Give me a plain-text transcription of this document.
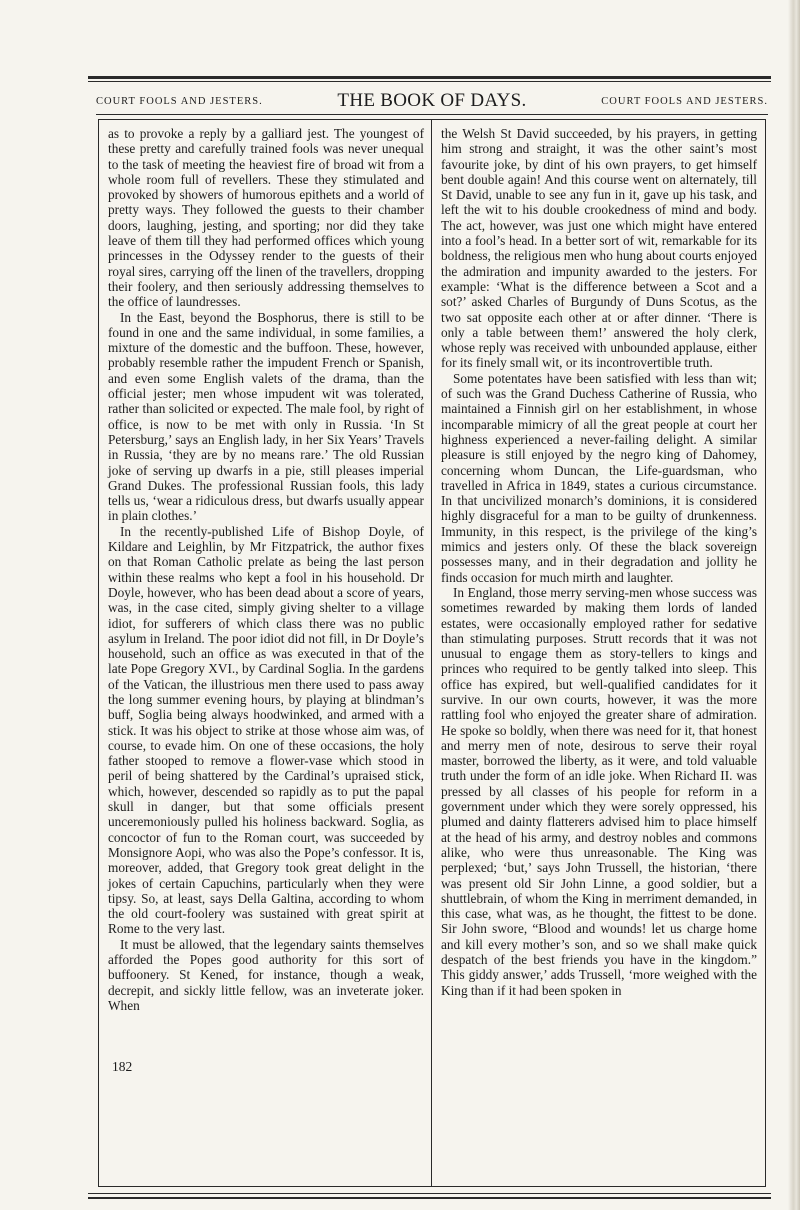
COURT FOOLS AND JESTERS.	THE BOOK OF DAYS.	COURT FOOLS AND JESTERS.

as to provoke a reply by a galliard jest. The youngest of these pretty and carefully trained fools was never unequal to the task of meeting the heaviest fire of broad wit from a whole room full of revellers. These they stimulated and provoked by showers of humorous epithets and a world of pretty ways. They followed the guests to their chamber doors, laughing, jesting, and sporting; nor did they take leave of them till they had performed offices which young princesses in the Odyssey render to the guests of their royal sires, carrying off the linen of the travellers, dropping their foolery, and then seriously addressing themselves to the office of laundresses.

In the East, beyond the Bosphorus, there is still to be found in one and the same individual, in some families, a mixture of the domestic and the buffoon. These, however, probably resemble rather the impudent French or Spanish, and even some English valets of the drama, than the official jester; men whose impudent wit was tolerated, rather than solicited or expected. The male fool, by right of office, is now to be met with only in Russia. ‘In St Petersburg,’ says an English lady, in her Six Years’ Travels in Russia, ‘they are by no means rare.’ The old Russian joke of serving up dwarfs in a pie, still pleases imperial Grand Dukes. The professional Russian fools, this lady tells us, ‘wear a ridiculous dress, but dwarfs usually appear in plain clothes.’

In the recently-published Life of Bishop Doyle, of Kildare and Leighlin, by Mr Fitzpatrick, the author fixes on that Roman Catholic prelate as being the last person within these realms who kept a fool in his household. Dr Doyle, however, who has been dead about a score of years, was, in the case cited, simply giving shelter to a village idiot, for sufferers of which class there was no public asylum in Ireland. The poor idiot did not fill, in Dr Doyle’s household, such an office as was executed in that of the late Pope Gregory XVI., by Cardinal Soglia. In the gardens of the Vatican, the illustrious men there used to pass away the long summer evening hours, by playing at blindman’s buff, Soglia being always hoodwinked, and armed with a stick. It was his object to strike at those whose aim was, of course, to evade him. On one of these occasions, the holy father stooped to remove a flower-vase which stood in peril of being shattered by the Cardinal’s upraised stick, which, however, descended so rapidly as to put the papal skull in danger, but that some officials present unceremoniously pulled his holiness backward. Soglia, as concoctor of fun to the Roman court, was succeeded by Monsignore Aopi, who was also the Pope’s confessor. It is, moreover, added, that Gregory took great delight in the jokes of certain Capuchins, particularly when they were tipsy. So, at least, says Della Galtina, according to whom the old court-foolery was sustained with great spirit at Rome to the very last.

It must be allowed, that the legendary saints themselves afforded the Popes good authority for this sort of buffoonery. St Kened, for instance, though a weak, decrepit, and sickly little fellow, was an inveterate joker. When

the Welsh St David succeeded, by his prayers, in getting him strong and straight, it was the other saint’s most favourite joke, by dint of his own prayers, to get himself bent double again! And this course went on alternately, till St David, unable to see any fun in it, gave up his task, and left the wit to his double crookedness of mind and body. The act, however, was just one which might have entered into a fool’s head. In a better sort of wit, remarkable for its boldness, the religious men who hung about courts enjoyed the admiration and impunity awarded to the jesters. For example: ‘What is the difference between a Scot and a sot?’ asked Charles of Burgundy of Duns Scotus, as the two sat opposite each other at or after dinner. ‘There is only a table between them!’ answered the holy clerk, whose reply was received with unbounded applause, either for its finely small wit, or its incontrovertible truth.

Some potentates have been satisfied with less than wit; of such was the Grand Duchess Catherine of Russia, who maintained a Finnish girl on her establishment, in whose incomparable mimicry of all the great people at court her highness experienced a never-failing delight. A similar pleasure is still enjoyed by the negro king of Dahomey, concerning whom Duncan, the Life-guardsman, who travelled in Africa in 1849, states a curious circumstance. In that uncivilized monarch’s dominions, it is considered highly disgraceful for a man to be guilty of drunkenness. Immunity, in this respect, is the privilege of the king’s mimics and jesters only. Of these the black sovereign possesses many, and in their degradation and jollity he finds occasion for much mirth and laughter.

In England, those merry serving-men whose success was sometimes rewarded by making them lords of landed estates, were occasionally employed rather for sedative than stimulating purposes. Strutt records that it was not unusual to engage them as story-tellers to kings and princes who required to be gently talked into sleep. This office has expired, but well-qualified candidates for it survive. In our own courts, however, it was the more rattling fool who enjoyed the greater share of admiration. He spoke so boldly, when there was need for it, that honest and merry men of note, desirous to serve their royal master, borrowed the liberty, as it were, and told valuable truth under the form of an idle joke. When Richard II. was pressed by all classes of his people for reform in a government under which they were sorely oppressed, his plumed and dainty flatterers advised him to place himself at the head of his army, and destroy nobles and commons alike, who were thus unreasonable. The King was perplexed; ‘but,’ says John Trussell, the historian, ‘there was present old Sir John Linne, a good soldier, but a shuttlebrain, of whom the King in merriment demanded, in this case, what was, as he thought, the fittest to be done. Sir John swore, “Blood and wounds! let us charge home and kill every mother’s son, and so we shall make quick despatch of the best friends you have in the kingdom.” This giddy answer,’ adds Trussell, ‘more weighed with the King than if it had been spoken in

182
